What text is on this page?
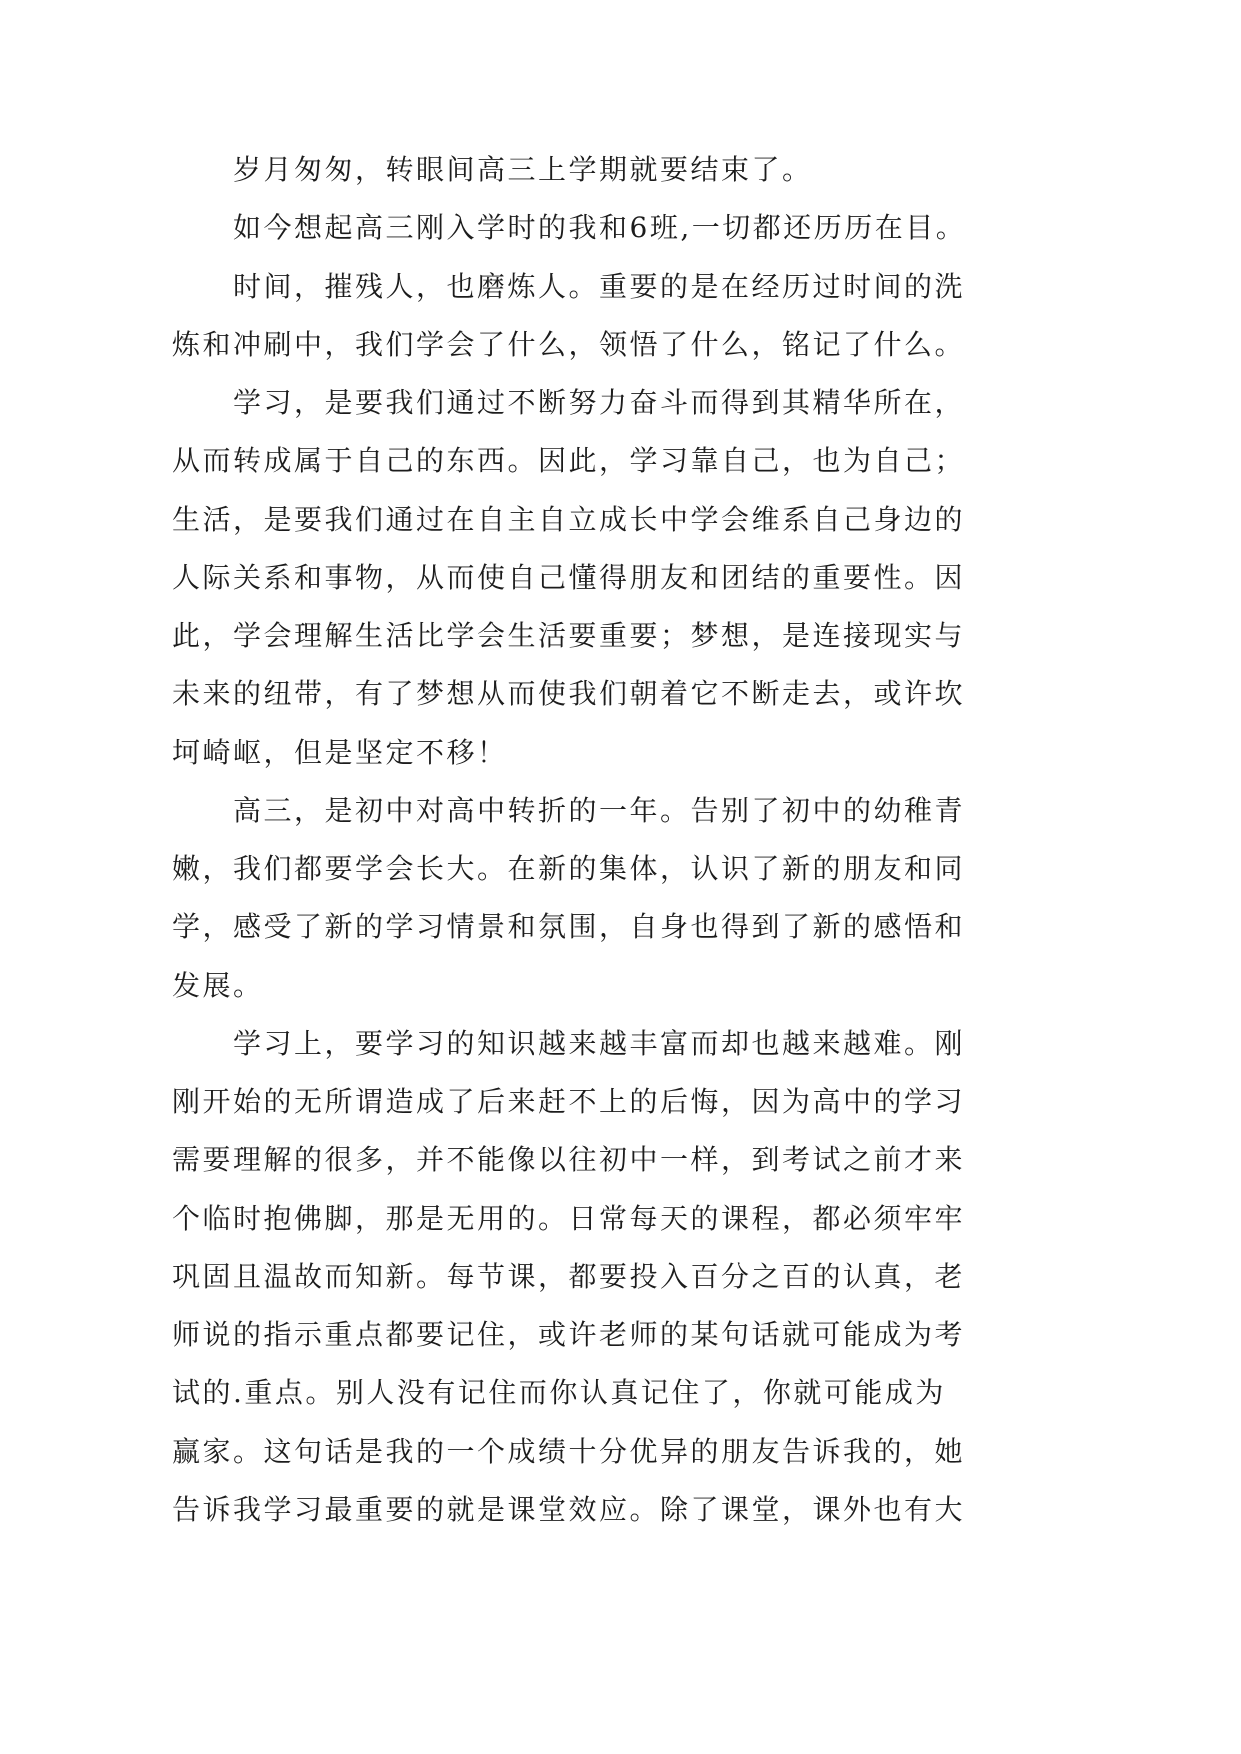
岁月匆匆，转眼间高三上学期就要结束了。
如今想起高三刚入学时的我和6班,一切都还历历在目。
时间，摧残人，也磨炼人。重要的是在经历过时间的洗
炼和冲刷中，我们学会了什么，领悟了什么，铭记了什么。
学习，是要我们通过不断努力奋斗而得到其精华所在，
从而转成属于自己的东西。因此，学习靠自己，也为自己；
生活，是要我们通过在自主自立成长中学会维系自己身边的
人际关系和事物，从而使自己懂得朋友和团结的重要性。因
此，学会理解生活比学会生活要重要；梦想，是连接现实与
未来的纽带，有了梦想从而使我们朝着它不断走去，或许坎
坷崎岖，但是坚定不移！
高三，是初中对高中转折的一年。告别了初中的幼稚青
嫩，我们都要学会长大。在新的集体，认识了新的朋友和同
学，感受了新的学习情景和氛围，自身也得到了新的感悟和
发展。
学习上，要学习的知识越来越丰富而却也越来越难。刚
刚开始的无所谓造成了后来赶不上的后悔，因为高中的学习
需要理解的很多，并不能像以往初中一样，到考试之前才来
个临时抱佛脚，那是无用的。日常每天的课程，都必须牢牢
巩固且温故而知新。每节课，都要投入百分之百的认真，老
师说的指示重点都要记住，或许老师的某句话就可能成为考
试的.重点。别人没有记住而你认真记住了，你就可能成为
赢家。这句话是我的一个成绩十分优异的朋友告诉我的，她
告诉我学习最重要的就是课堂效应。除了课堂，课外也有大
